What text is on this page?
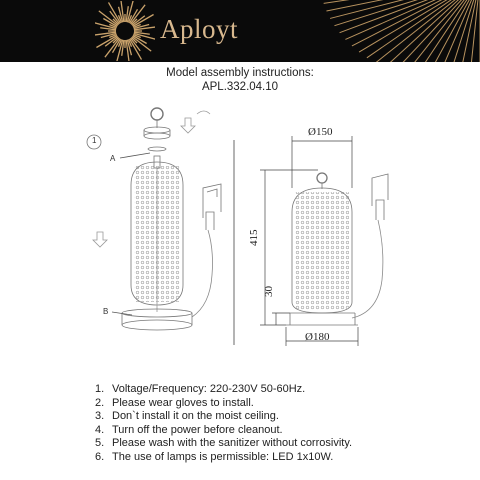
Aployt
Model assembly instructions:
APL.332.04.10
1
A
B
Ø150
Ø180
415
30
1. Voltage/Frequency: 220-230V 50-60Hz.
2. Please wear gloves to install.
3. Don`t install it on the moist ceiling.
4. Turn off the power before cleanout.
5. Please wash with the sanitizer without corrosivity.
6. The use of lamps is permissible: LED 1x10W.
